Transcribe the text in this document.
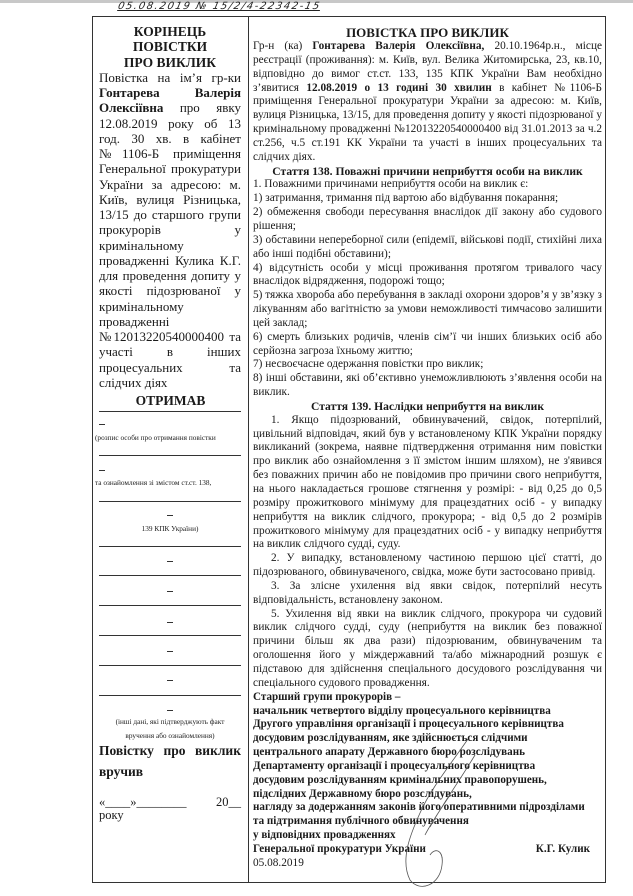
05.08.2019 № 15/2/4-22342-15
КОРІНЕЦЬ ПОВІСТКИ
ПРО ВИКЛИК
Повістка на ім’я гр-ки Гонтарева Валерія Олексіївна про явку 12.08.2019 року об 13 год. 30 хв. в кабінет №1106-Б приміщення Генеральної прокуратури України за адресою: м. Київ, вулиця Різницька, 13/15 до старшого групи прокурорів у кримінальному провадженні Кулика К.Г. для проведення допиту у якості підозрюваної у кримінальному провадженні №12013220540000400 та участі в інших процесуальних та слідчих діях
ОТРИМАВ
(розпис особи про отримання повістки
та ознайомлення зі змістом ст.ст. 138,
139 КПК України)
(інші дані, які підтверджують факт
вручення або ознайомлення)
Повістку про виклик вручив
«____»________ 20__
року
ПОВІСТКА ПРО ВИКЛИК

Гр-н (ка) Гонтарева Валерія Олексіївна, 20.10.1964р.н., місце реєстрації (проживання): м. Київ, вул. Велика Житомирська, 23, кв.10, відповідно до вимог ст.ст. 133, 135 КПК України Вам необхідно з’явитися 12.08.2019 о 13 годині 30 хвилин в кабінет №1106-Б приміщення Генеральної прокуратури України за адресою: м. Київ, вулиця Різницька, 13/15, для проведення допиту у якості підозрюваної у кримінальному провадженні №12013220540000400 від 31.01.2013 за ч.2 ст.256, ч.5 ст.191 КК України та участі в інших процесуальних та слідчих діях.

Стаття 138. Поважні причини неприбуття особи на виклик

1. Поважними причинами неприбуття особи на виклик є:

1) затримання, тримання під вартою або відбування покарання;

2) обмеження свободи пересування внаслідок дії закону або судового рішення;

3) обставини непереборної сили (епідемії, військові події, стихійні лиха або інші подібні обставини);

4) відсутність особи у місці проживання протягом тривалого часу внаслідок відрядження, подорожі тощо;

5) тяжка хвороба або перебування в закладі охорони здоров’я у зв’язку з лікуванням або вагітністю за умови неможливості тимчасово залишити цей заклад;

6) смерть близьких родичів, членів сім’ї чи інших близьких осіб або серйозна загроза їхньому життю;

7) несвоєчасне одержання повістки про виклик;

8) інші обставини, які об’єктивно унеможливлюють з’явлення особи на виклик.

Стаття 139. Наслідки неприбуття на виклик

1. Якщо підозрюваний, обвинувачений, свідок, потерпілий, цивільний відповідач, який був у встановленому КПК України порядку викликаний (зокрема, наявне підтвердження отримання ним повістки про виклик або ознайомлення з її змістом іншим шляхом), не з'явився без поважних причин або не повідомив про причини свого неприбуття, на нього накладається грошове стягнення у розмірі: - від 0,25 до 0,5 розміру прожиткового мінімуму для працездатних осіб - у випадку неприбуття на виклик слідчого, прокурора; - від 0,5 до 2 розмірів прожиткового мінімуму для працездатних осіб - у випадку неприбуття на виклик слідчого судді, суду.

2. У випадку, встановленому частиною першою цієї статті, до підозрюваного, обвинуваченого, свідка, може бути застосовано привід.

3. За злісне ухилення від явки свідок, потерпілий несуть відповідальність, встановлену законом.

5. Ухилення від явки на виклик слідчого, прокурора чи судовий виклик слідчого судді, суду (неприбуття на виклик без поважної причини більш як два рази) підозрюваним, обвинуваченим та оголошення його у міждержавний та/або міжнародний розшук є підставою для здійснення спеціального досудового розслідування чи спеціального судового провадження.

Старший групи прокурорів –
начальник четвертого відділу процесуального керівництва
Другого управління організації і процесуального керівництва
досудовим розслідуванням, яке здійснюється слідчими
центрального апарату Державного бюро розслідувань
Департаменту організації і процесуального керівництва
досудовим розслідуванням кримінальних правопорушень,
підслідних Державному бюро розслідувань,
нагляду за додержанням законів його оперативними підрозділами
та підтримання публічного обвинувачення
у відповідних провадженнях
Генеральної прокуратури України	К.Г. Кулик
05.08.2019
